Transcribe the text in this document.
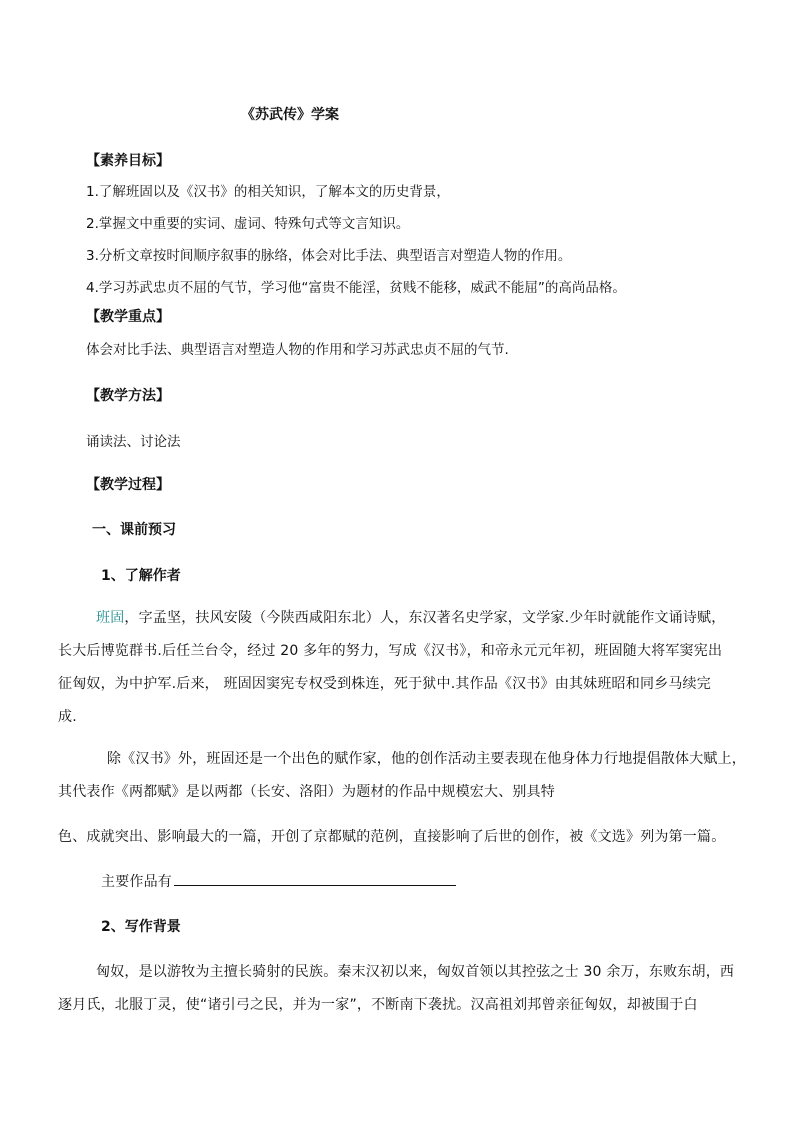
《苏武传》学案
【素养目标】
1.了解班固以及《汉书》的相关知识，了解本文的历史背景，
2.掌握文中重要的实词、虚词、特殊句式等文言知识。
3.分析文章按时间顺序叙事的脉络，体会对比手法、典型语言对塑造人物的作用。
4.学习苏武忠贞不屈的气节，学习他“富贵不能淫，贫贱不能移，威武不能屈”的高尚品格。
【教学重点】
体会对比手法、典型语言对塑造人物的作用和学习苏武忠贞不屈的气节.
【教学方法】
诵读法、讨论法
【教学过程】
一、课前预习
1、了解作者
班固，字孟坚，扶风安陵（今陕西咸阳东北）人，东汉著名史学家，文学家.少年时就能作文诵诗赋，
长大后博览群书.后任兰台令，经过 20 多年的努力，写成《汉书》，和帝永元元年初，班固随大将军窦宪出
征匈奴，为中护军.后来， 班固因窦宪专权受到株连，死于狱中.其作品《汉书》由其妹班昭和同乡马续完
成.
除《汉书》外，班固还是一个出色的赋作家，他的创作活动主要表现在他身体力行地提倡散体大赋上，
其代表作《两都赋》是以两都（长安、洛阳）为题材的作品中规模宏大、别具特
色、成就突出、影响最大的一篇，开创了京都赋的范例，直接影响了后世的创作，被《文选》列为第一篇。
主要作品有
2、写作背景
匈奴，是以游牧为主擅长骑射的民族。秦末汉初以来，匈奴首领以其控弦之士 30 余万，东败东胡，西
逐月氏，北服丁灵，使“诸引弓之民，并为一家”，不断南下袭扰。汉高祖刘邦曾亲征匈奴，却被围于白
